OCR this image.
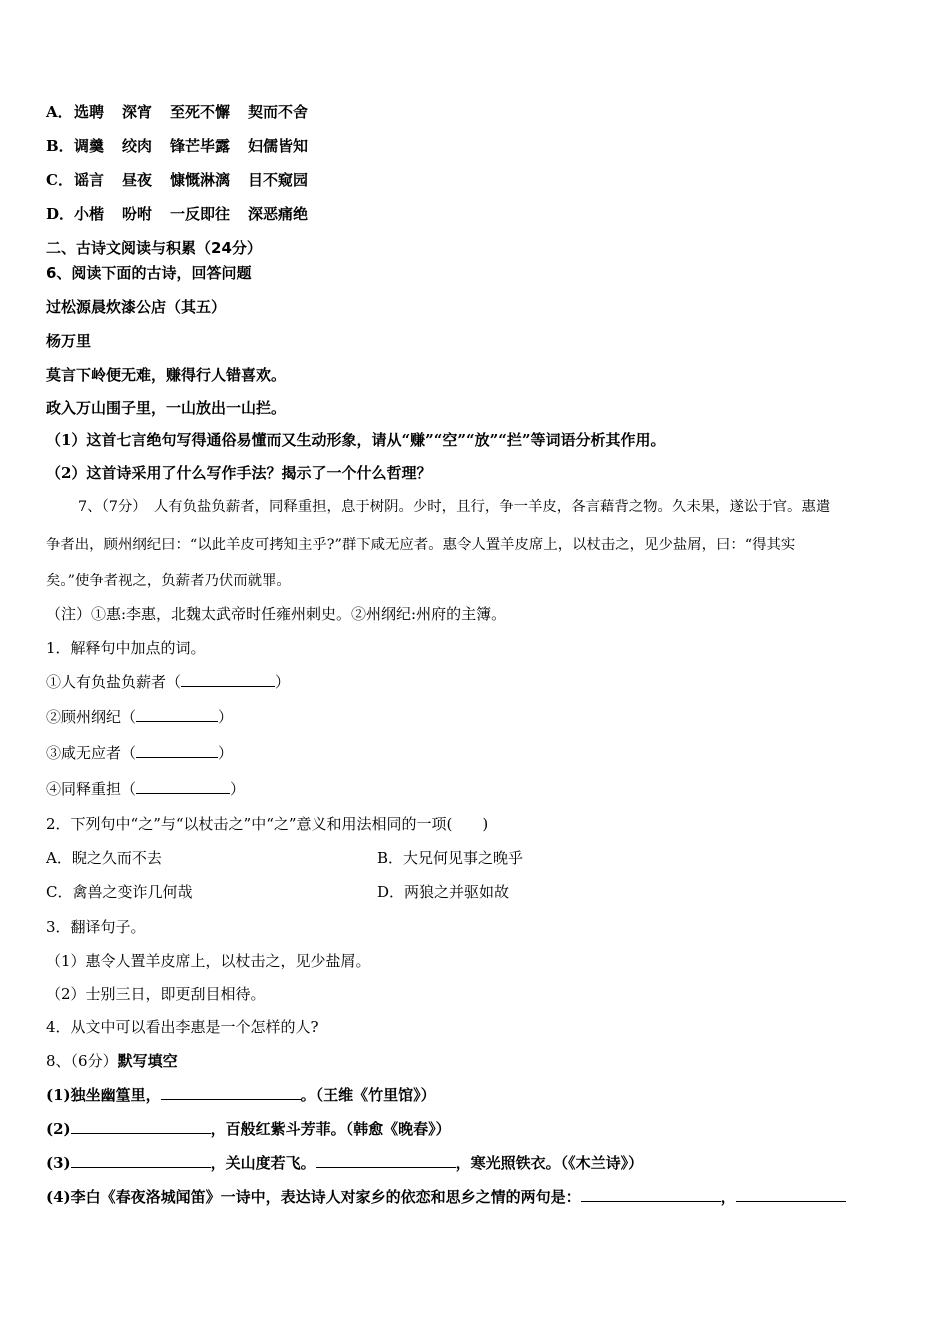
A．选聘 深宵 至死不懈 契而不舍
B．调羹 绞肉 锋芒毕露 妇儒皆知
C．谣言 昼夜 慷慨淋漓 目不窥园
D．小楷 吩咐 一反即往 深恶痛绝
二、古诗文阅读与积累（24分）
6、阅读下面的古诗，回答问题
过松源晨炊漆公店（其五）
杨万里
莫言下岭便无难，赚得行人错喜欢。
政入万山围子里，一山放出一山拦。
（1）这首七言绝句写得通俗易懂而又生动形象，请从“赚”“空”“放”“拦”等词语分析其作用。
（2）这首诗采用了什么写作手法？揭示了一个什么哲理？
7、（7分）　人有负盐负薪者，同释重担，息于树阴。少时，且行，争一羊皮，各言藉背之物。久未果，遂讼于官。惠遣
争者出，顾州纲纪曰：“以此羊皮可拷知主乎?”群下咸无应者。惠令人置羊皮席上，以杖击之，见少盐屑，曰：“得其实
矣。”使争者视之，负薪者乃伏而就罪。
（注）①惠:李惠，北魏太武帝时任雍州刺史。②州纲纪:州府的主簿。
1．解释句中加点的词。
①人有负盐负薪者（	）
②顾州纲纪（	）
③咸无应者（	）
④同释重担（	）
2．下列句中“之”与“以杖击之”中“之”意义和用法相同的一项(　　)
A．睨之久而不去	B．大兄何见事之晚乎
C．禽兽之变诈几何哉	D．两狼之并驱如故
3．翻译句子。
（1）惠令人置羊皮席上，以杖击之，见少盐屑。
（2）士别三日，即更刮目相待。
4．从文中可以看出李惠是一个怎样的人?
8、（6分）默写填空
(1)独坐幽篁里，	。（王维《竹里馆》）
(2)	，百般红紫斗芳菲。（韩愈《晚春》）
(3)	，关山度若飞。	，寒光照铁衣。（《木兰诗》）
(4)李白《春夜洛城闻笛》一诗中，表达诗人对家乡的依恋和思乡之情的两句是：	，
